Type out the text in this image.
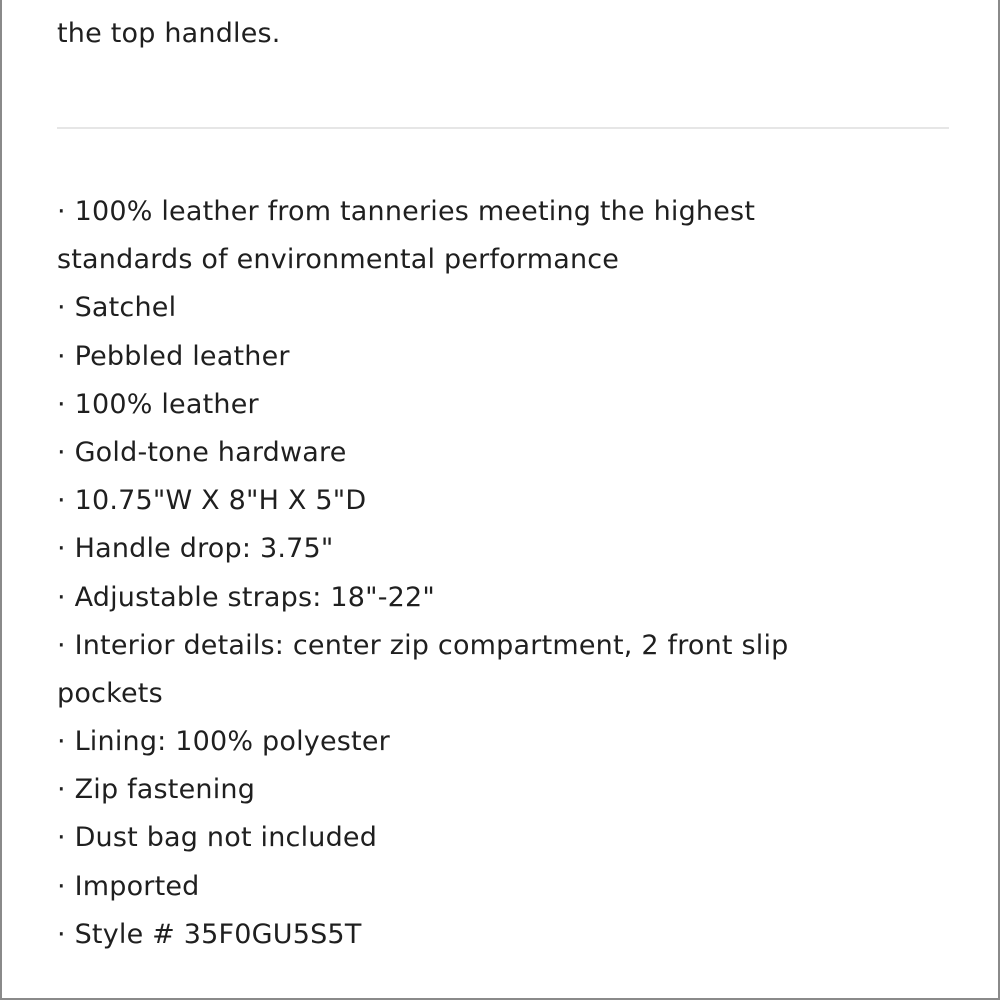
the top handles.
· 100% leather from tanneries meeting the highest
standards of environmental performance
· Satchel
· Pebbled leather
· 100% leather
· Gold-tone hardware
· 10.75"W X 8"H X 5"D
· Handle drop: 3.75"
· Adjustable straps: 18"-22"
· Interior details: center zip compartment, 2 front slip
pockets
· Lining: 100% polyester
· Zip fastening
· Dust bag not included
· Imported
· Style # 35F0GU5S5T
